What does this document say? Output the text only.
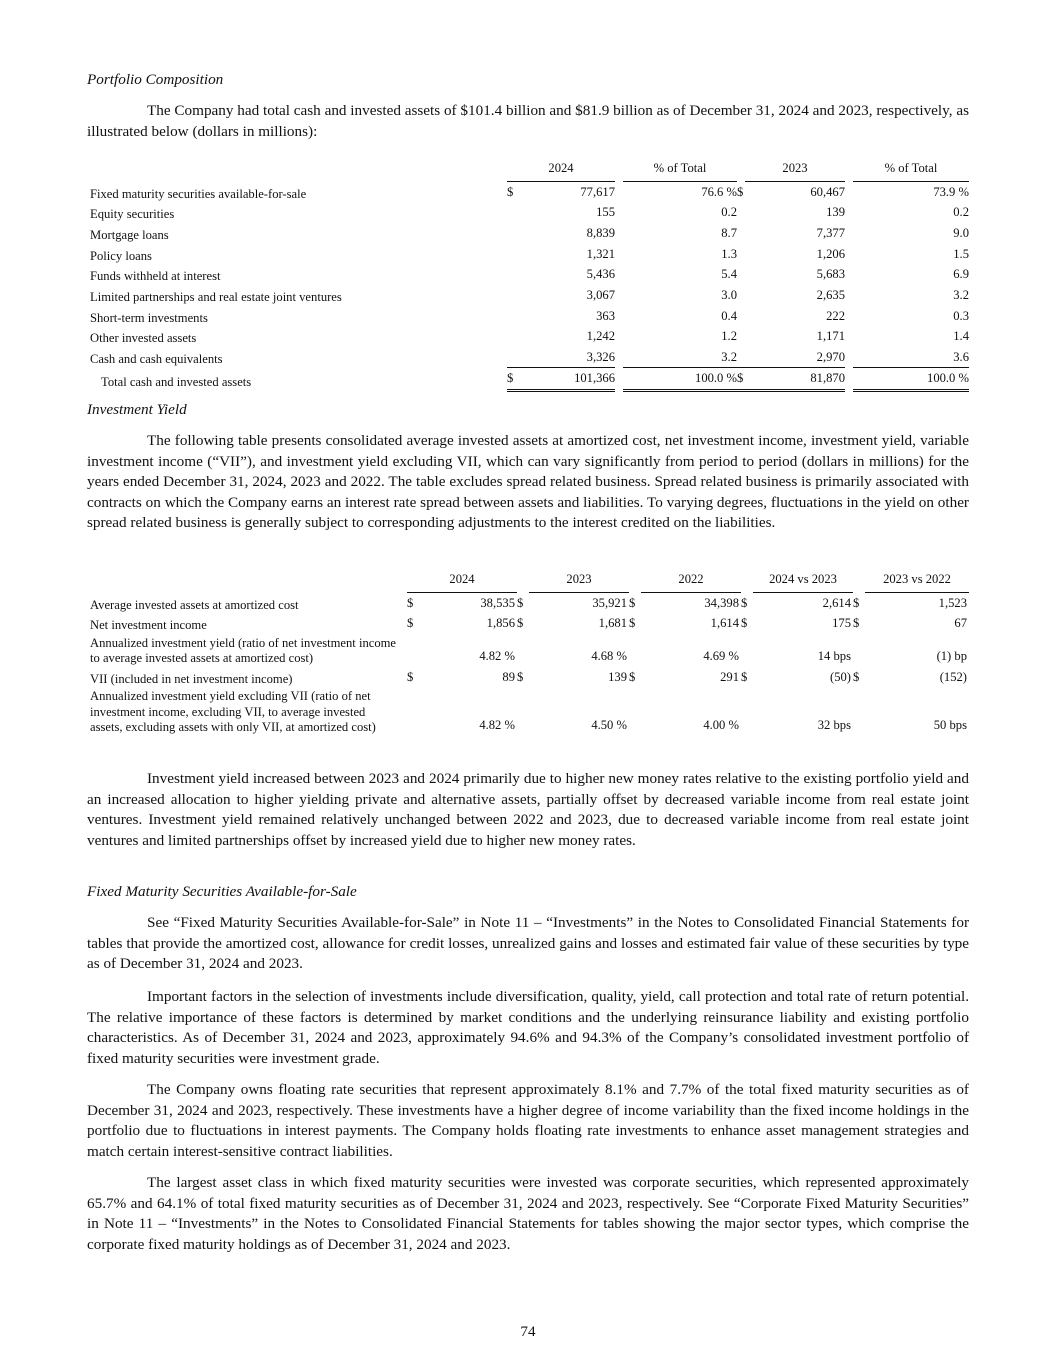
Portfolio Composition
The Company had total cash and invested assets of $101.4 billion and $81.9 billion as of December 31, 2024 and 2023, respectively, as illustrated below (dollars in millions):
	2024			% of Total		2023		% of Total
Fixed maturity securities available-for-sale	$	77,617		76.6 %	$	60,467		73.9 %
Equity securities		155		0.2		139		0.2
Mortgage loans		8,839		8.7		7,377		9.0
Policy loans		1,321		1.3		1,206		1.5
Funds withheld at interest		5,436		5.4		5,683		6.9
Limited partnerships and real estate joint ventures		3,067		3.0		2,635		3.2
Short-term investments		363		0.4		222		0.3
Other invested assets		1,242		1.2		1,171		1.4
Cash and cash equivalents		3,326		3.2		2,970		3.6
Total cash and invested assets	$	101,366		100.0 %	$	81,870		100.0 %
Investment Yield
The following table presents consolidated average invested assets at amortized cost, net investment income, investment yield, variable investment income (“VII”), and investment yield excluding VII, which can vary significantly from period to period (dollars in millions) for the years ended December 31, 2024, 2023 and 2022. The table excludes spread related business. Spread related business is primarily associated with contracts on which the Company earns an interest rate spread between assets and liabilities. To varying degrees, fluctuations in the yield on other spread related business is generally subject to corresponding adjustments to the interest credited on the liabilities.
	2024			2023		2022		2024 vs 2023		2023 vs 2022
Average invested assets at amortized cost	$	38,535	$	35,921	$	34,398	$	2,614	$	1,523
Net investment income	$	1,856	$	1,681	$	1,614	$	175	$	67
Annualized investment yield (ratio of net investment income to average invested assets at amortized cost)		4.82 %		4.68 %		4.69 %		14 bps		(1) bp
VII (included in net investment income)	$	89	$	139	$	291	$	(50)	$	(152)
Annualized investment yield excluding VII (ratio of net investment income, excluding VII, to average invested assets, excluding assets with only VII, at amortized cost)		4.82 %		4.50 %		4.00 %		32 bps		50 bps
Investment yield increased between 2023 and 2024 primarily due to higher new money rates relative to the existing portfolio yield and an increased allocation to higher yielding private and alternative assets, partially offset by decreased variable income from real estate joint ventures. Investment yield remained relatively unchanged between 2022 and 2023, due to decreased variable income from real estate joint ventures and limited partnerships offset by increased yield due to higher new money rates.
Fixed Maturity Securities Available-for-Sale
See “Fixed Maturity Securities Available-for-Sale” in Note 11 – “Investments” in the Notes to Consolidated Financial Statements for tables that provide the amortized cost, allowance for credit losses, unrealized gains and losses and estimated fair value of these securities by type as of December 31, 2024 and 2023.
Important factors in the selection of investments include diversification, quality, yield, call protection and total rate of return potential. The relative importance of these factors is determined by market conditions and the underlying reinsurance liability and existing portfolio characteristics. As of December 31, 2024 and 2023, approximately 94.6% and 94.3% of the Company’s consolidated investment portfolio of fixed maturity securities were investment grade.
The Company owns floating rate securities that represent approximately 8.1% and 7.7% of the total fixed maturity securities as of December 31, 2024 and 2023, respectively. These investments have a higher degree of income variability than the fixed income holdings in the portfolio due to fluctuations in interest payments. The Company holds floating rate investments to enhance asset management strategies and match certain interest-sensitive contract liabilities.
The largest asset class in which fixed maturity securities were invested was corporate securities, which represented approximately 65.7% and 64.1% of total fixed maturity securities as of December 31, 2024 and 2023, respectively. See “Corporate Fixed Maturity Securities” in Note 11 – “Investments” in the Notes to Consolidated Financial Statements for tables showing the major sector types, which comprise the corporate fixed maturity holdings as of December 31, 2024 and 2023.
74
